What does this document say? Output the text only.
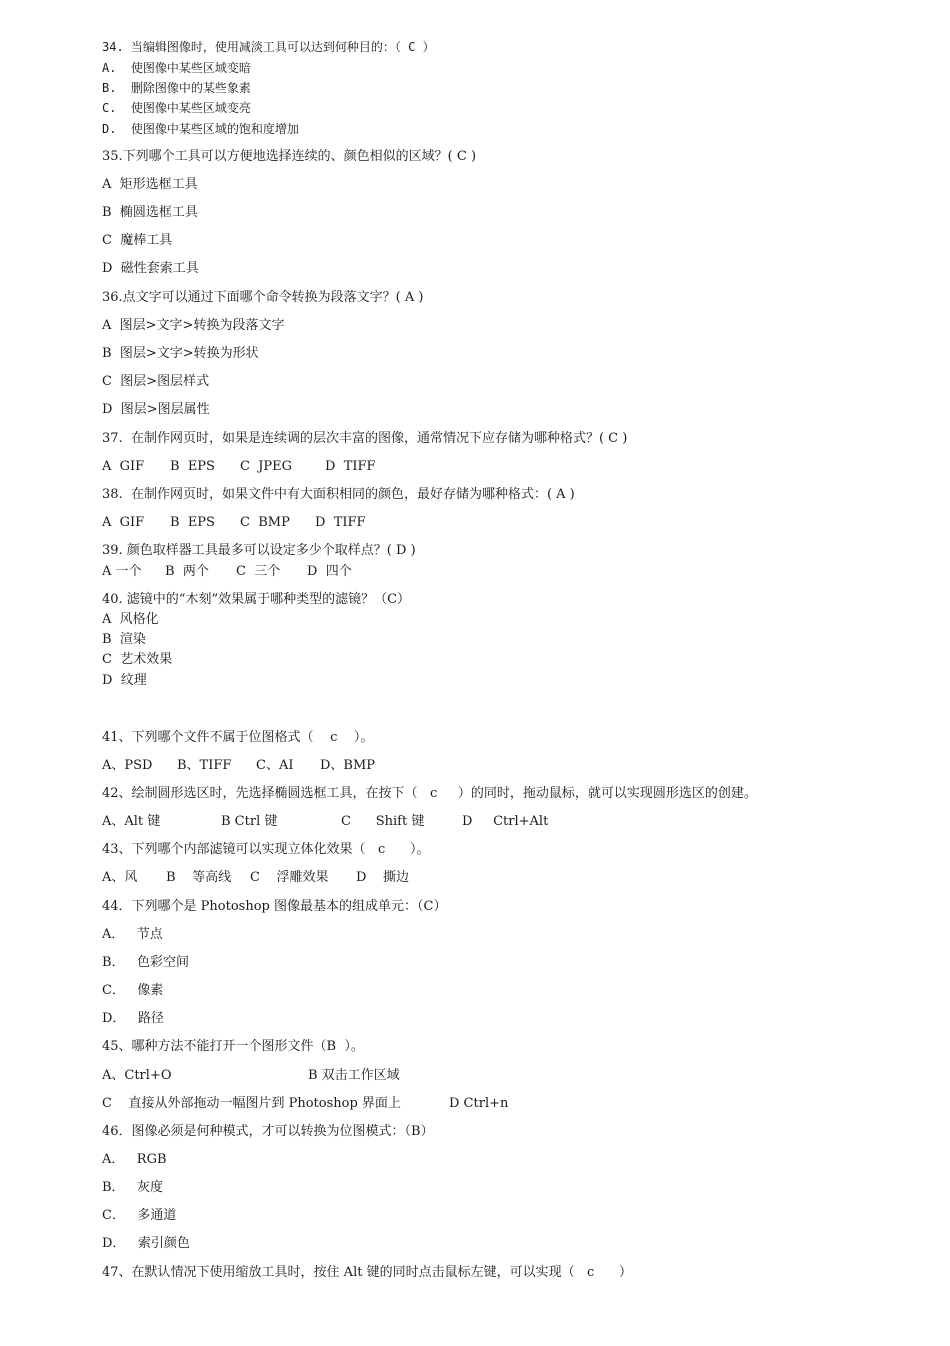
34. 当编辑图像时，使用减淡工具可以达到何种目的：（ C ）
A.  使图像中某些区域变暗
B.  删除图像中的某些象素
C.  使图像中某些区域变亮
D.  使图像中某些区域的饱和度增加
35.下列哪个工具可以方便地选择连续的、颜色相似的区域？( C )
A  矩形选框工具
B  椭圆选框工具
C  魔棒工具
D  磁性套索工具
36.点文字可以通过下面哪个命令转换为段落文字？( A )
A  图层>文字>转换为段落文字
B  图层>文字>转换为形状
C  图层>图层样式
D  图层>图层属性
37.  在制作网页时，如果是连续调的层次丰富的图像，通常情况下应存储为哪种格式？( C )

A  GIF

B  EPS

C  JPEG

	D  TIFF

38.  在制作网页时，如果文件中有大面积相同的颜色，最好存储为哪种格式：( A )

A  GIF

B  EPS

C  BMP

D  TIFF

39. 颜色取样器工具最多可以设定多少个取样点？( D )

A 一个

B  两个

C  三个

D  四个

40. 滤镜中的“木刻”效果属于哪种类型的滤镜？（C）
A  风格化
B  渲染
C  艺术效果
D  纹理
41、下列哪个文件不属于位图格式（    c    ）。

A、PSD

B、TIFF

C、AI

D、BMP

42、绘制圆形选区时，先选择椭圆选框工具，在按下（   c     ）的同时，拖动鼠标，就可以实现圆形选区的创建。

A、Alt 键

	B Ctrl 键

	C      Shift 键

	D     Ctrl+Alt

43、下列哪个内部滤镜可以实现立体化效果（   c      ）。

A、风

B    等高线

C    浮雕效果

D    撕边

44．下列哪个是 Photoshop 图像最基本的组成单元：（C）
A．   节点
B．   色彩空间
C．   像素
D．   路径
45、哪种方法不能打开一个图形文件（B  ）。

A、Ctrl+O

	B 双击工作区域

C    直接从外部拖动一幅图片到 Photoshop 界面上

	D Ctrl+n

46．图像必须是何种模式，才可以转换为位图模式：（B）
A．   RGB
B．   灰度
C．   多通道
D．   索引颜色
47、在默认情况下使用缩放工具时，按住 Alt 键的同时点击鼠标左键，可以实现（   c      ）
